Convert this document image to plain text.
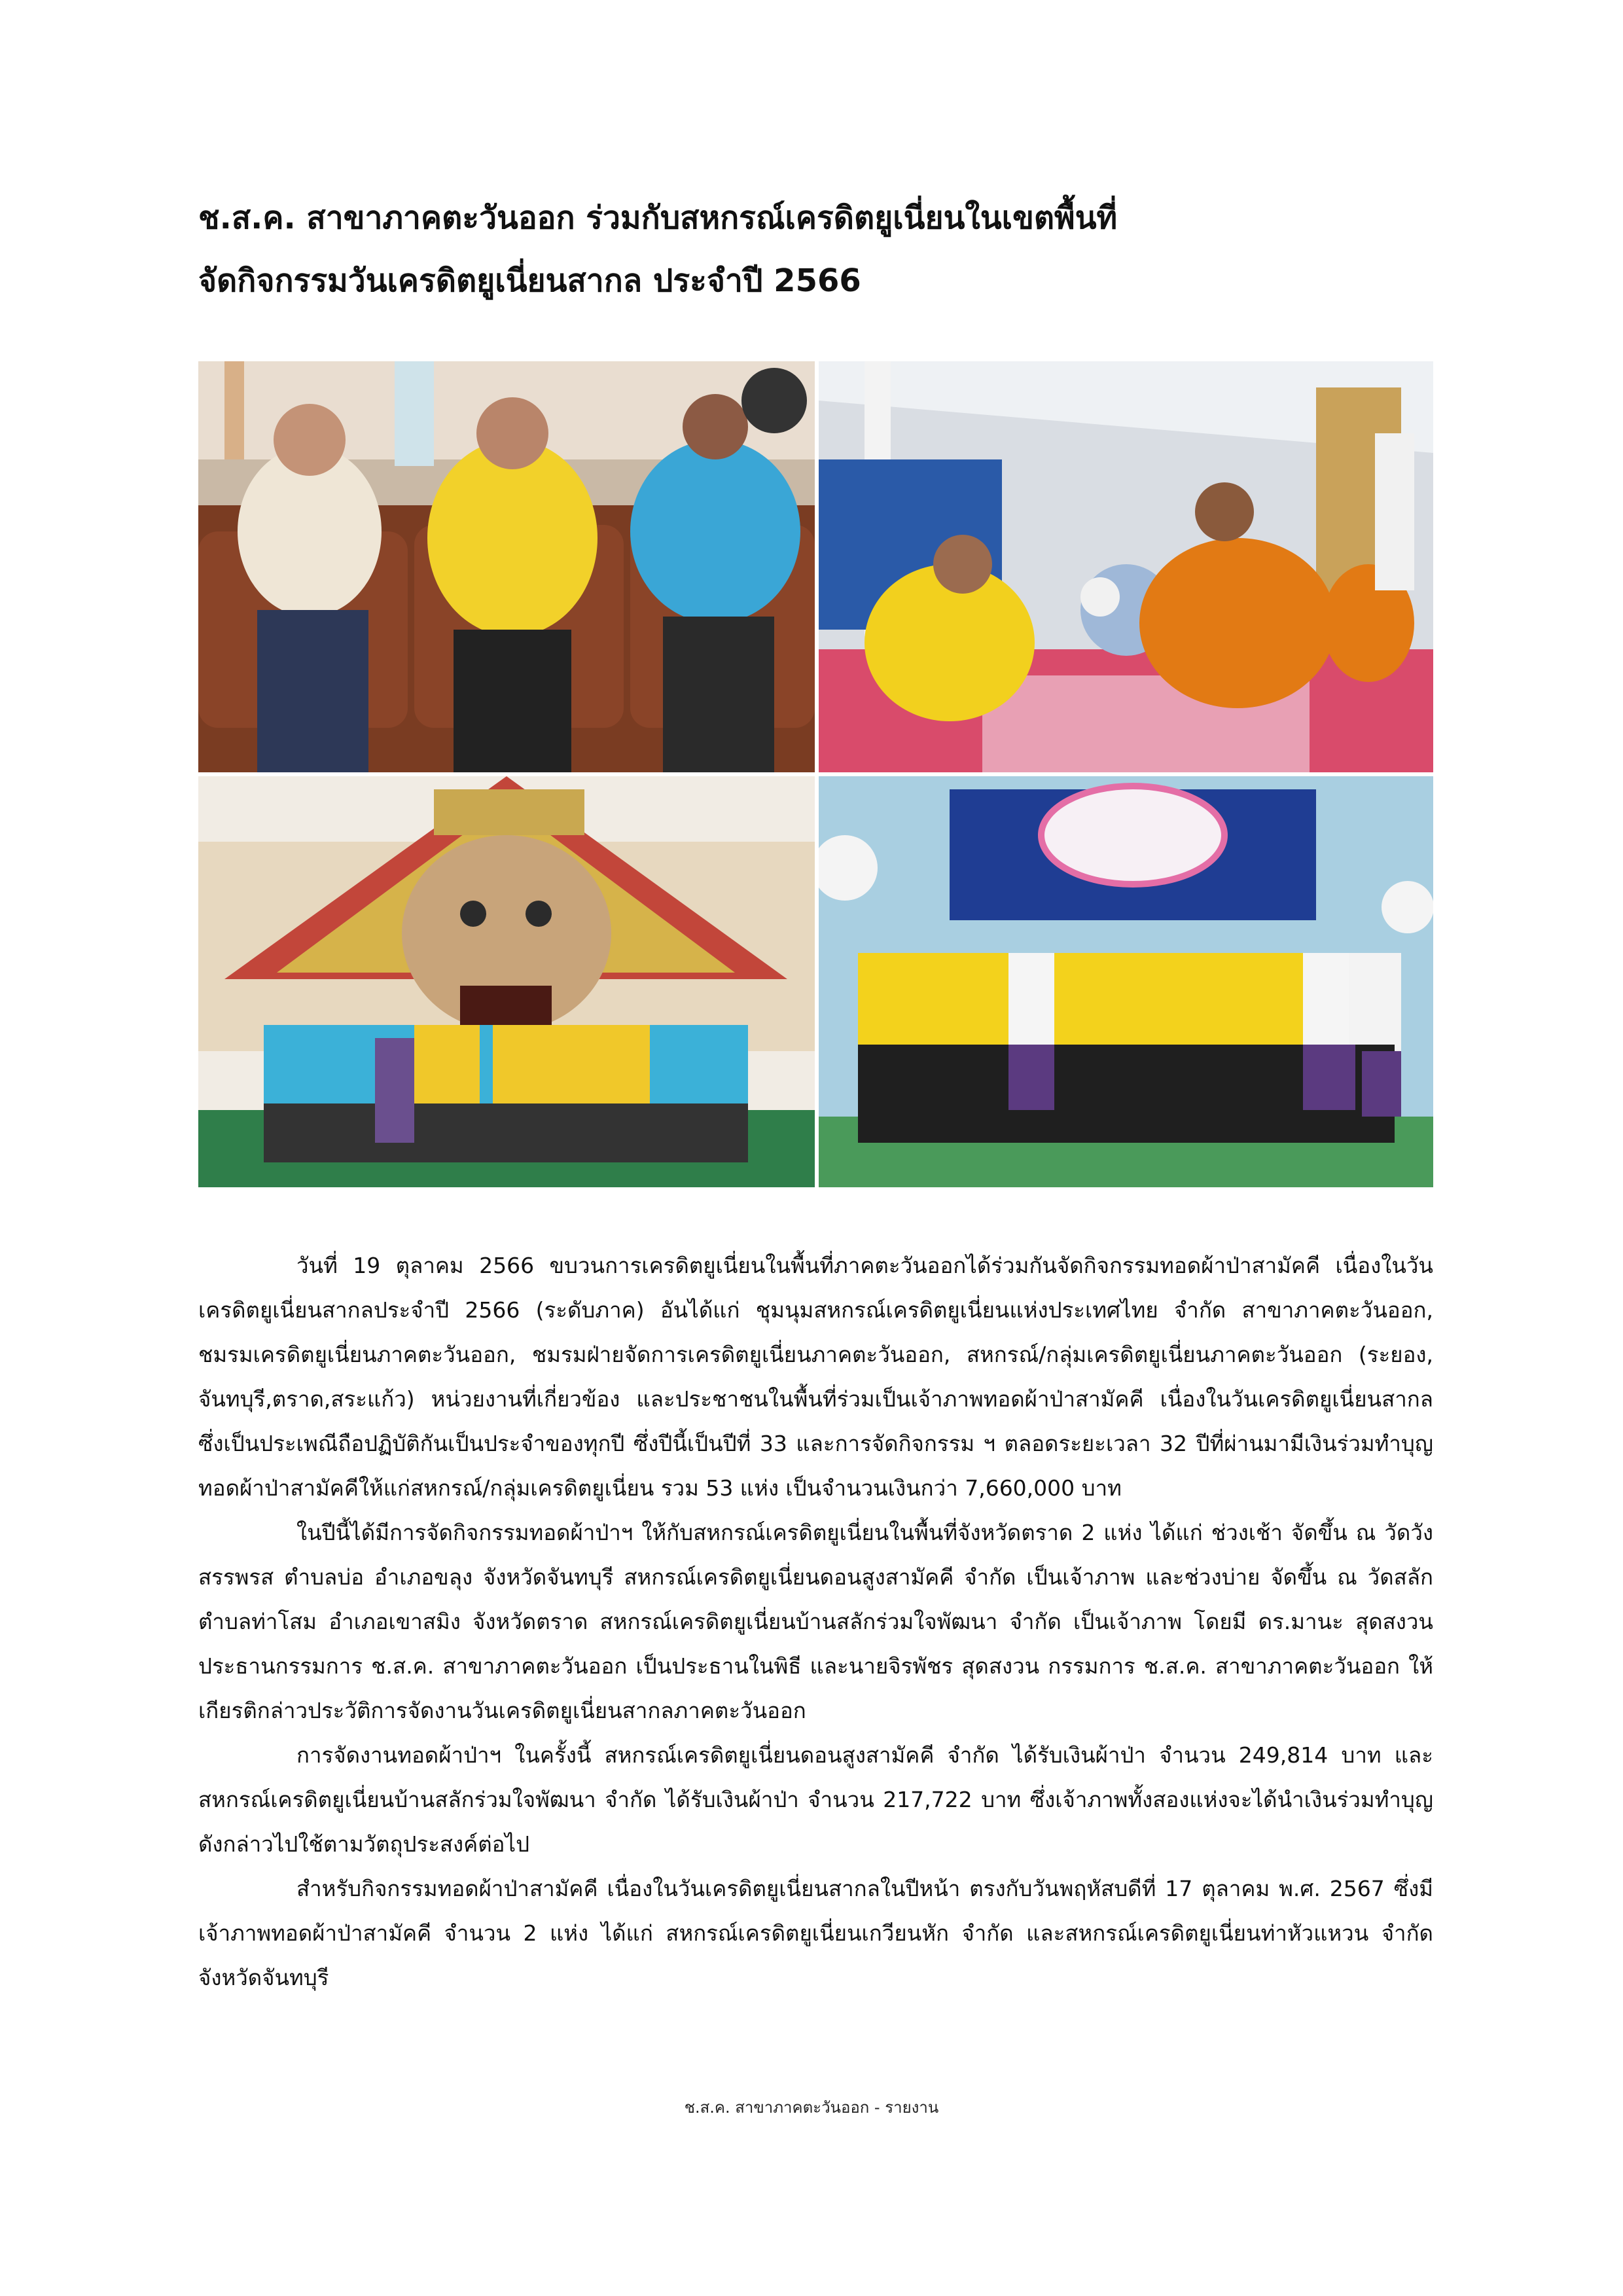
ช.ส.ค. สาขาภาคตะวันออก ร่วมกับสหกรณ์เครดิตยูเนี่ยนในเขตพื้นที่
จัดกิจกรรมวันเครดิตยูเนี่ยนสากล ประจำปี 2566

วันที่ 19 ตุลาคม 2566 ขบวนการเครดิตยูเนี่ยนในพื้นที่ภาคตะวันออกได้ร่วมกันจัดกิจกรรมทอดผ้าป่าสามัคคี เนื่องในวันเครดิตยูเนี่ยนสากลประจำปี 2566 (ระดับภาค) อันได้แก่ ชุมนุมสหกรณ์เครดิตยูเนี่ยนแห่งประเทศไทย จำกัด สาขาภาคตะวันออก, ชมรมเครดิตยูเนี่ยนภาคตะวันออก, ชมรมฝ่ายจัดการเครดิตยูเนี่ยนภาคตะวันออก, สหกรณ์/กลุ่มเครดิตยูเนี่ยนภาคตะวันออก (ระยอง, จันทบุรี,ตราด,สระแก้ว) หน่วยงานที่เกี่ยวข้อง และประชาชนในพื้นที่ร่วมเป็นเจ้าภาพทอดผ้าป่าสามัคคี เนื่องในวันเครดิตยูเนี่ยนสากล ซึ่งเป็นประเพณีถือปฏิบัติกันเป็นประจำของทุกปี ซึ่งปีนี้เป็นปีที่ 33 และการจัดกิจกรรม ฯ ตลอดระยะเวลา 32 ปีที่ผ่านมามีเงินร่วมทำบุญทอดผ้าป่าสามัคคีให้แก่สหกรณ์/กลุ่มเครดิตยูเนี่ยน รวม 53 แห่ง เป็นจำนวนเงินกว่า 7,660,000 บาท

ในปีนี้ได้มีการจัดกิจกรรมทอดผ้าป่าฯ ให้กับสหกรณ์เครดิตยูเนี่ยนในพื้นที่จังหวัดตราด 2 แห่ง ได้แก่ ช่วงเช้า จัดขึ้น ณ วัดวังสรรพรส ตำบลบ่อ อำเภอขลุง จังหวัดจันทบุรี สหกรณ์เครดิตยูเนี่ยนดอนสูงสามัคคี จำกัด เป็นเจ้าภาพ และช่วงบ่าย จัดขึ้น ณ วัดสลักตำบลท่าโสม อำเภอเขาสมิง จังหวัดตราด สหกรณ์เครดิตยูเนี่ยนบ้านสลักร่วมใจพัฒนา จำกัด เป็นเจ้าภาพ โดยมี ดร.มานะ สุดสงวน ประธานกรรมการ ช.ส.ค. สาขาภาคตะวันออก เป็นประธานในพิธี และนายจิรพัชร สุดสงวน กรรมการ ช.ส.ค. สาขาภาคตะวันออก ให้เกียรติกล่าวประวัติการจัดงานวันเครดิตยูเนี่ยนสากลภาคตะวันออก

การจัดงานทอดผ้าป่าฯ ในครั้งนี้ สหกรณ์เครดิตยูเนี่ยนดอนสูงสามัคคี จำกัด ได้รับเงินผ้าป่า จำนวน 249,814 บาท และสหกรณ์เครดิตยูเนี่ยนบ้านสลักร่วมใจพัฒนา จำกัด ได้รับเงินผ้าป่า จำนวน 217,722 บาท ซึ่งเจ้าภาพทั้งสองแห่งจะได้นำเงินร่วมทำบุญดังกล่าวไปใช้ตามวัตถุประสงค์ต่อไป

สำหรับกิจกรรมทอดผ้าป่าสามัคคี เนื่องในวันเครดิตยูเนี่ยนสากลในปีหน้า ตรงกับวันพฤหัสบดีที่ 17 ตุลาคม พ.ศ. 2567 ซึ่งมีเจ้าภาพทอดผ้าป่าสามัคคี จำนวน 2 แห่ง ได้แก่ สหกรณ์เครดิตยูเนี่ยนเกวียนหัก จำกัด และสหกรณ์เครดิตยูเนี่ยนท่าหัวแหวน จำกัด จังหวัดจันทบุรี

ช.ส.ค. สาขาภาคตะวันออก - รายงาน
